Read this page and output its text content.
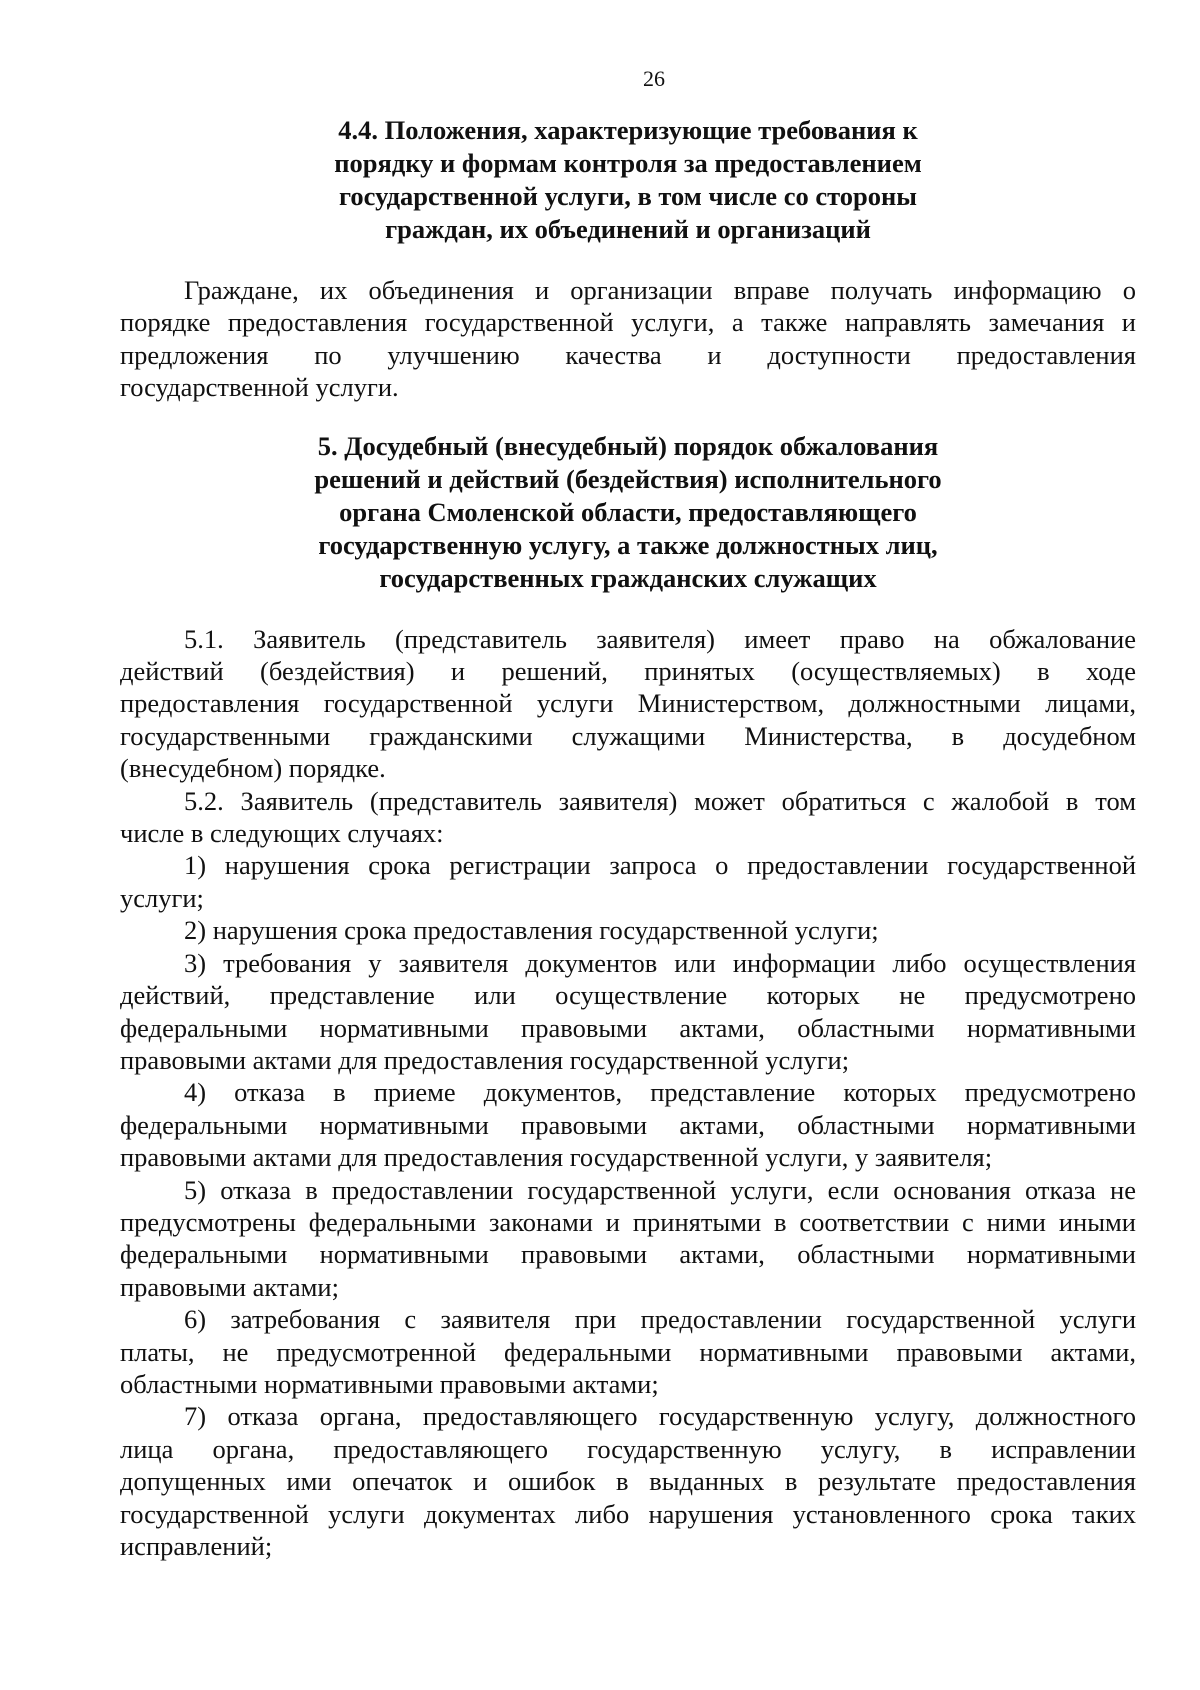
26
4.4. Положения, характеризующие требования к
порядку и формам контроля за предоставлением
государственной услуги, в том числе со стороны
граждан, их объединений и организаций
Граждане, их объединения и организации вправе получать информацию о
порядке предоставления государственной услуги, а также направлять замечания и
предложения по улучшению качества и доступности предоставления
государственной услуги.
5. Досудебный (внесудебный) порядок обжалования
решений и действий (бездействия) исполнительного
органа Смоленской области, предоставляющего
государственную услугу, а также должностных лиц,
государственных гражданских служащих
5.1. Заявитель (представитель заявителя) имеет право на обжалование
действий (бездействия) и решений, принятых (осуществляемых) в ходе
предоставления государственной услуги Министерством, должностными лицами,
государственными гражданскими служащими Министерства, в досудебном
(внесудебном) порядке.
5.2. Заявитель (представитель заявителя) может обратиться с жалобой в том
числе в следующих случаях:
1) нарушения срока регистрации запроса о предоставлении государственной
услуги;
2) нарушения срока предоставления государственной услуги;
3) требования у заявителя документов или информации либо осуществления
действий, представление или осуществление которых не предусмотрено
федеральными нормативными правовыми актами, областными нормативными
правовыми актами для предоставления государственной услуги;
4) отказа в приеме документов, представление которых предусмотрено
федеральными нормативными правовыми актами, областными нормативными
правовыми актами для предоставления государственной услуги, у заявителя;
5) отказа в предоставлении государственной услуги, если основания отказа не
предусмотрены федеральными законами и принятыми в соответствии с ними иными
федеральными нормативными правовыми актами, областными нормативными
правовыми актами;
6) затребования с заявителя при предоставлении государственной услуги
платы, не предусмотренной федеральными нормативными правовыми актами,
областными нормативными правовыми актами;
7) отказа органа, предоставляющего государственную услугу, должностного
лица органа, предоставляющего государственную услугу, в исправлении
допущенных ими опечаток и ошибок в выданных в результате предоставления
государственной услуги документах либо нарушения установленного срока таких
исправлений;
